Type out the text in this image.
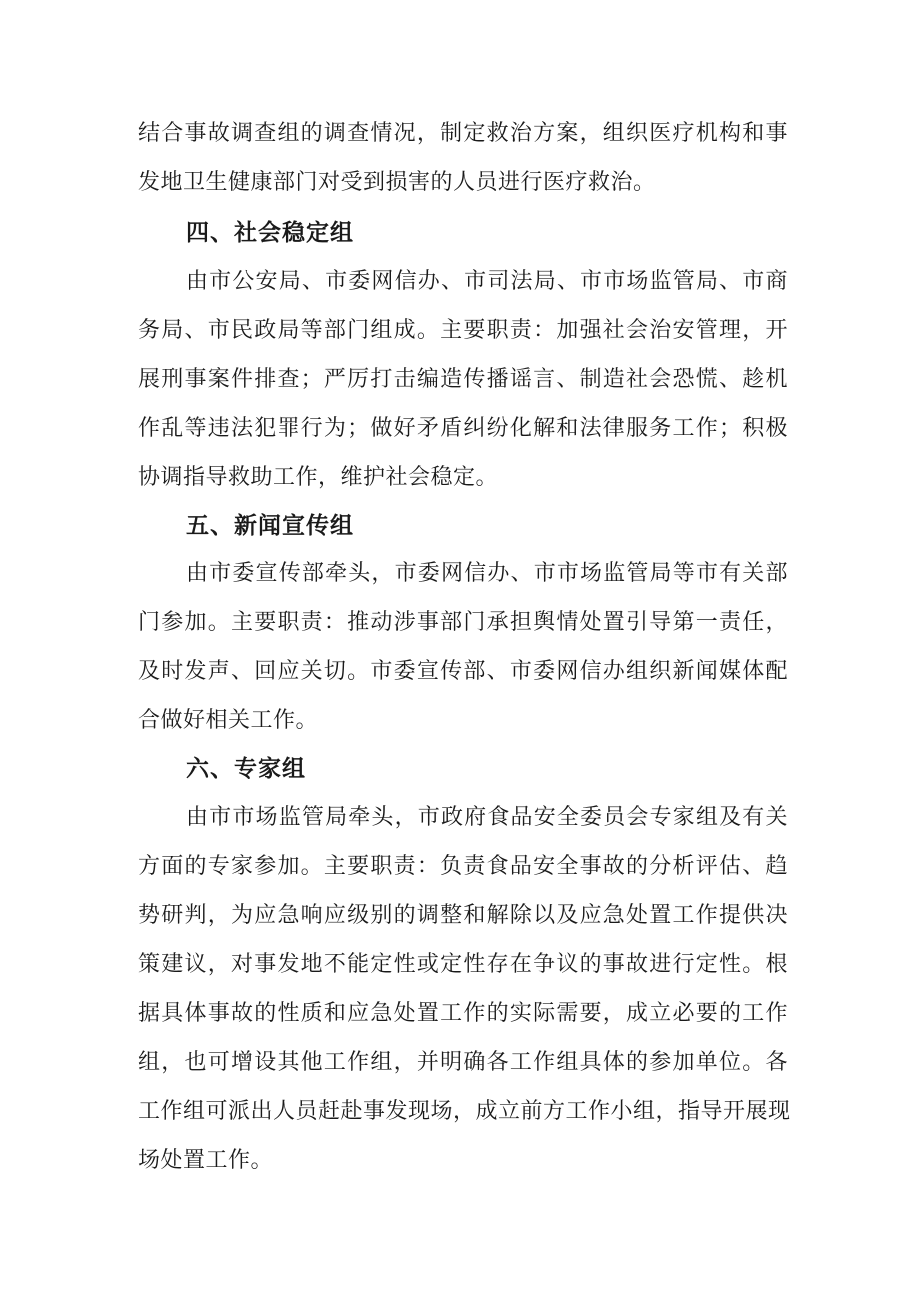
结合事故调查组的调查情况，制定救治方案，组织医疗机构和事
发地卫生健康部门对受到损害的人员进行医疗救治。
四、社会稳定组
由市公安局、市委网信办、市司法局、市市场监管局、市商
务局、市民政局等部门组成。主要职责：加强社会治安管理，开
展刑事案件排查；严厉打击编造传播谣言、制造社会恐慌、趁机
作乱等违法犯罪行为；做好矛盾纠纷化解和法律服务工作；积极
协调指导救助工作，维护社会稳定。
五、新闻宣传组
由市委宣传部牵头，市委网信办、市市场监管局等市有关部
门参加。主要职责：推动涉事部门承担舆情处置引导第一责任，
及时发声、回应关切。市委宣传部、市委网信办组织新闻媒体配
合做好相关工作。
六、专家组
由市市场监管局牵头，市政府食品安全委员会专家组及有关
方面的专家参加。主要职责：负责食品安全事故的分析评估、趋
势研判，为应急响应级别的调整和解除以及应急处置工作提供决
策建议，对事发地不能定性或定性存在争议的事故进行定性。根
据具体事故的性质和应急处置工作的实际需要，成立必要的工作
组，也可增设其他工作组，并明确各工作组具体的参加单位。各
工作组可派出人员赶赴事发现场，成立前方工作小组，指导开展现
场处置工作。
